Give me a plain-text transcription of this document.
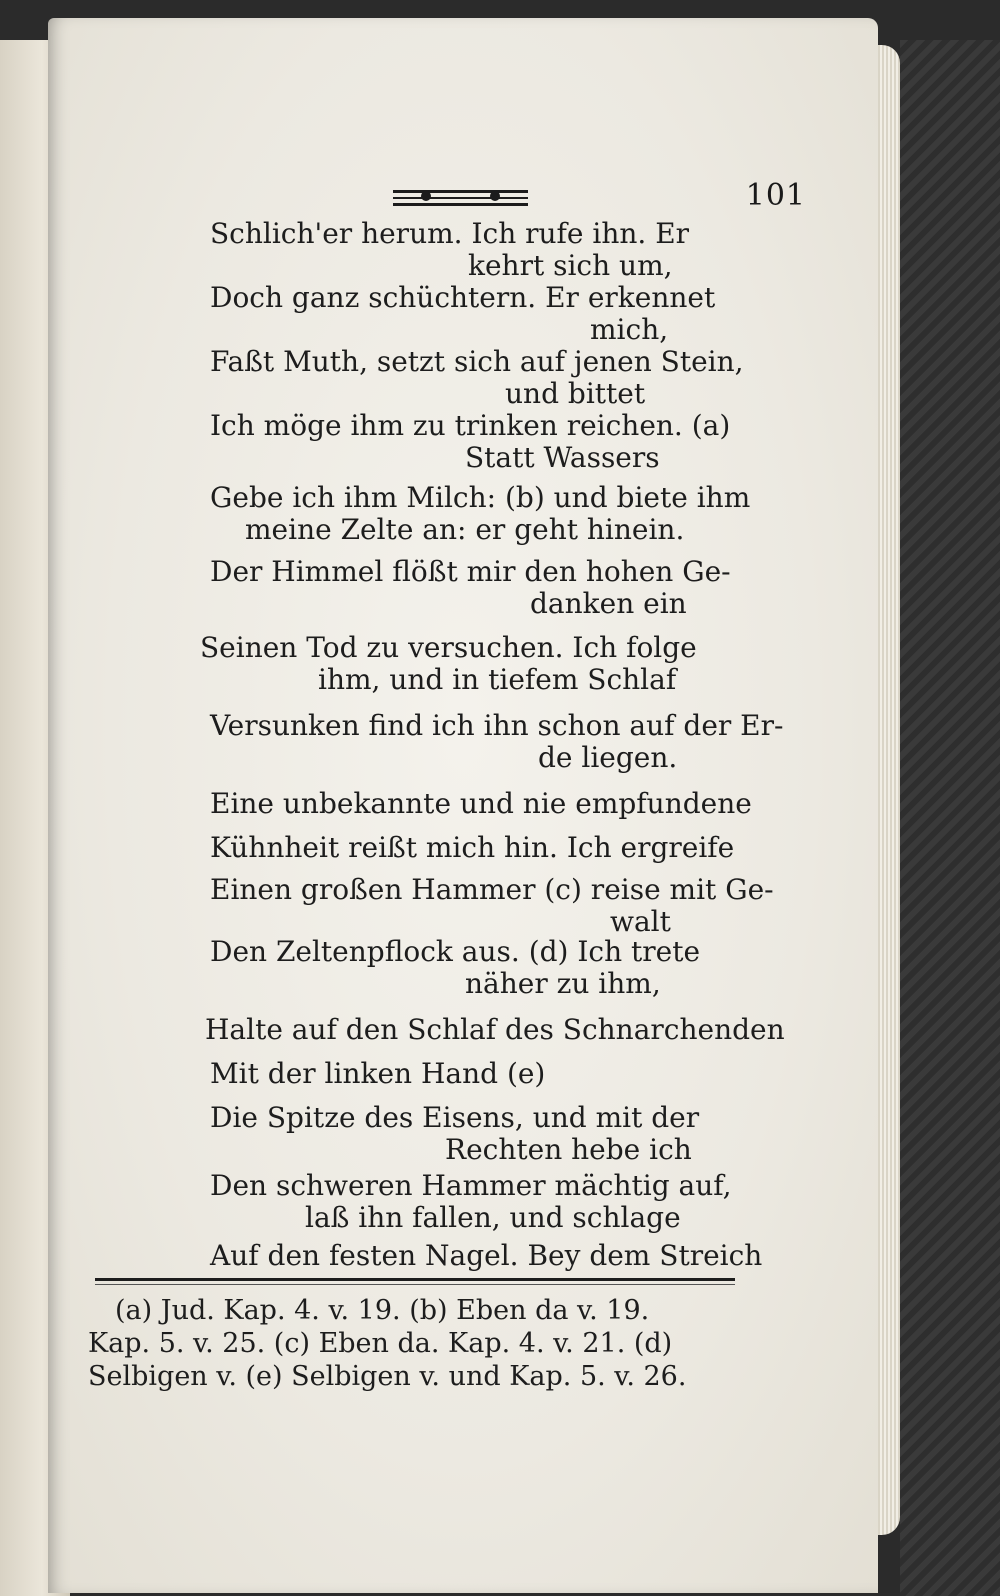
101
Schlich'er herum. Ich rufe ihn. Er
kehrt sich um,
Doch ganz schüchtern. Er erkennet
mich,
Faßt Muth, setzt sich auf jenen Stein,
und bittet
Ich möge ihm zu trinken reichen. (a)
Statt Wassers
Gebe ich ihm Milch: (b) und biete ihm
meine Zelte an: er geht hinein.
Der Himmel flößt mir den hohen Ge-
danken ein
Seinen Tod zu versuchen. Ich folge
ihm, und in tiefem Schlaf
Versunken find ich ihn schon auf der Er-
de liegen.
Eine unbekannte und nie empfundene
Kühnheit reißt mich hin. Ich ergreife
Einen großen Hammer (c) reise mit Ge-
walt
Den Zeltenpflock aus. (d) Ich trete
näher zu ihm,
Halte auf den Schlaf des Schnarchenden
Mit der linken Hand (e)
Die Spitze des Eisens, und mit der
Rechten hebe ich
Den schweren Hammer mächtig auf,
laß ihn fallen, und schlage
Auf den festen Nagel. Bey dem Streich
(a) Jud. Kap. 4. v. 19. (b) Eben da v. 19.
Kap. 5. v. 25. (c) Eben da. Kap. 4. v. 21. (d)
Selbigen v. (e) Selbigen v. und Kap. 5. v. 26.
